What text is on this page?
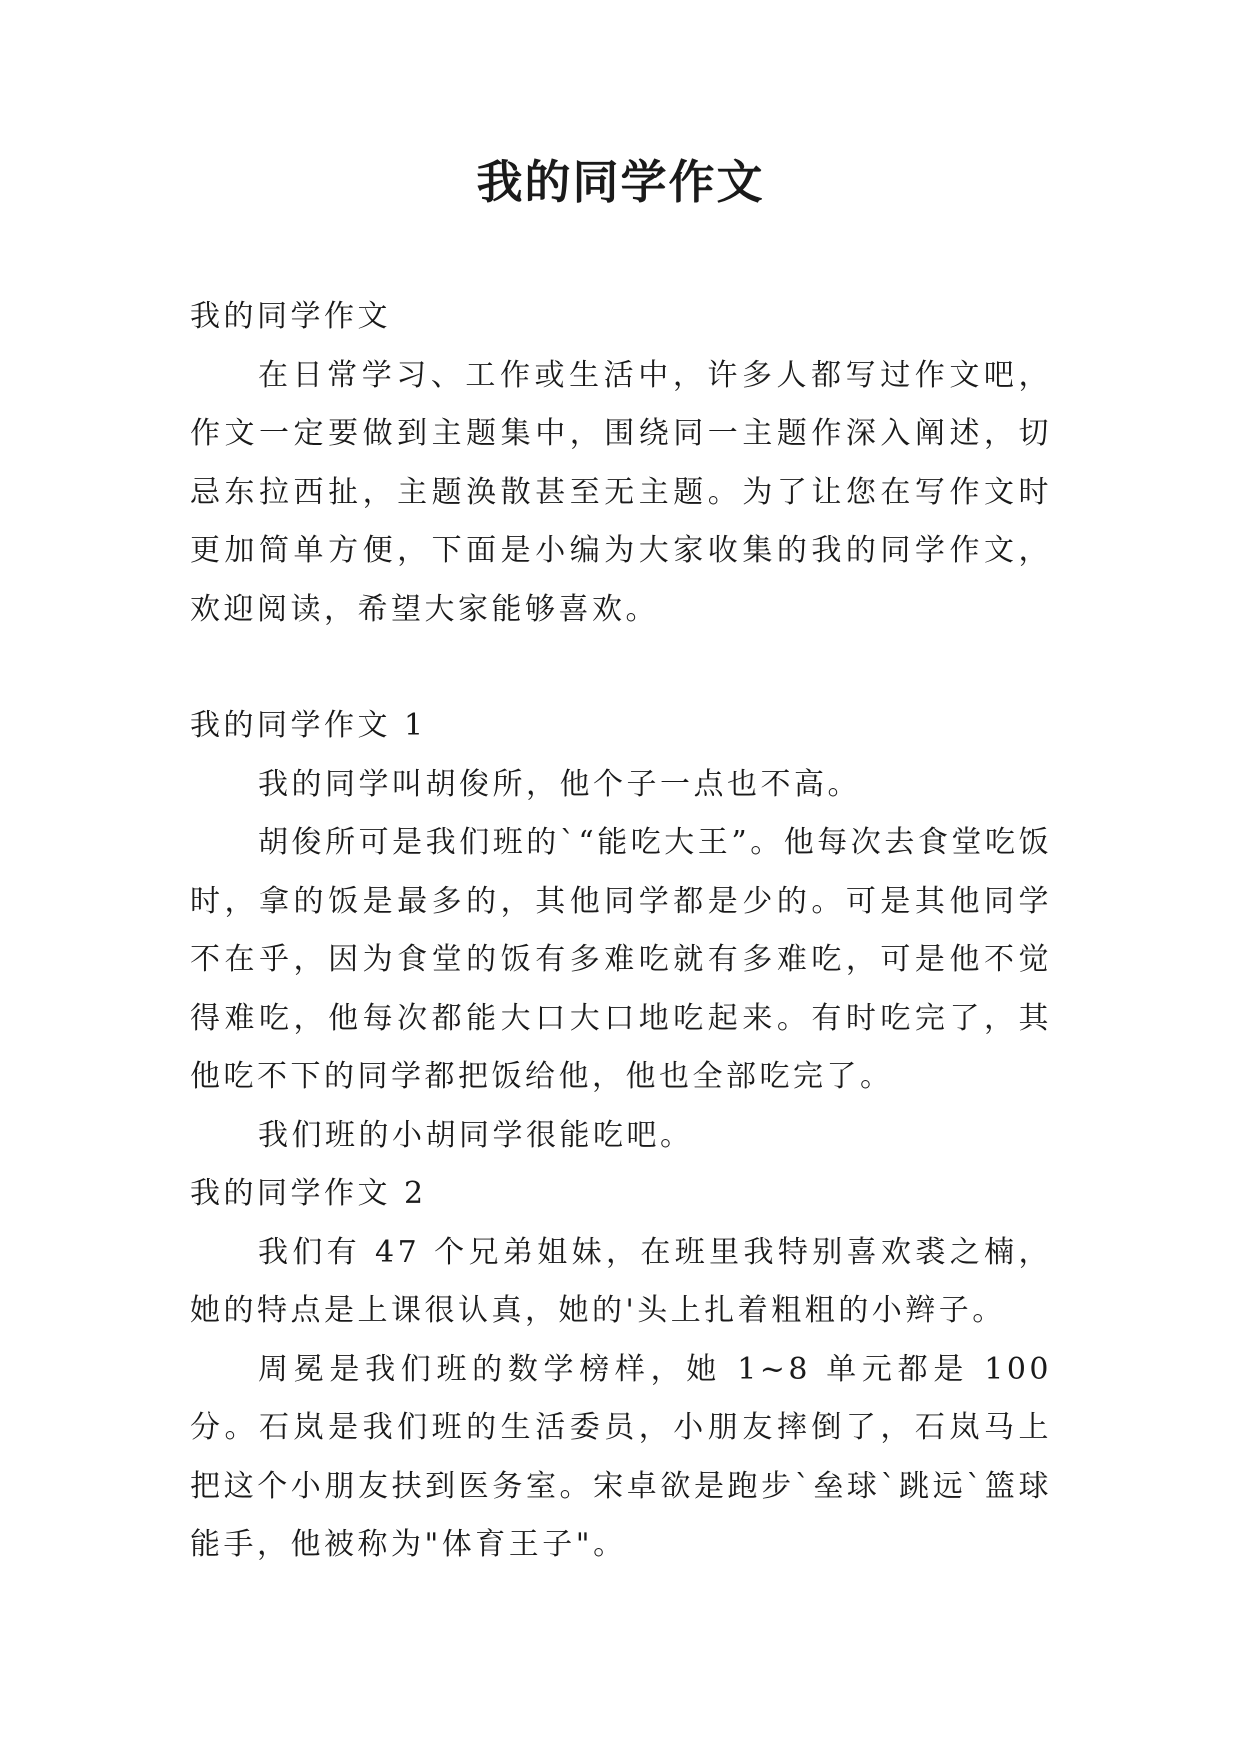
我的同学作文

我的同学作文

在日常学习、工作或生活中，许多人都写过作文吧，作文一定要做到主题集中，围绕同一主题作深入阐述，切忌东拉西扯，主题涣散甚至无主题。为了让您在写作文时更加简单方便，下面是小编为大家收集的我的同学作文，欢迎阅读，希望大家能够喜欢。

我的同学作文 1

我的同学叫胡俊所，他个子一点也不高。

胡俊所可是我们班的`“能吃大王”。他每次去食堂吃饭时，拿的饭是最多的，其他同学都是少的。可是其他同学不在乎，因为食堂的饭有多难吃就有多难吃，可是他不觉得难吃，他每次都能大口大口地吃起来。有时吃完了，其他吃不下的同学都把饭给他，他也全部吃完了。

我们班的小胡同学很能吃吧。

我的同学作文 2

我们有 47 个兄弟姐妹，在班里我特别喜欢裘之楠，她的特点是上课很认真，她的'头上扎着粗粗的小辫子。

周冕是我们班的数学榜样，她 1~8 单元都是 100 分。石岚是我们班的生活委员，小朋友摔倒了，石岚马上把这个小朋友扶到医务室。宋卓欲是跑步`垒球`跳远`篮球能手，他被称为"体育王子"。
